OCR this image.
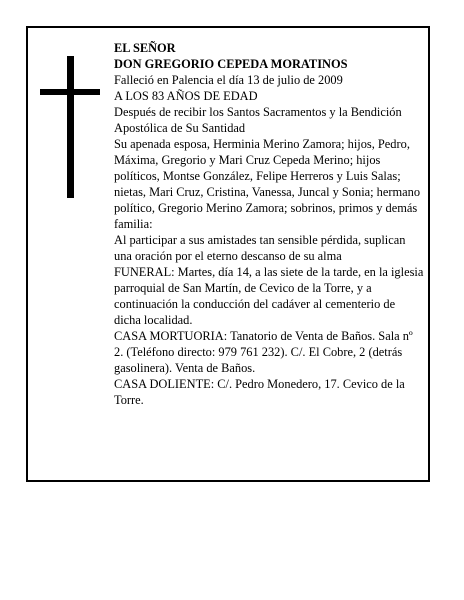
EL SEÑOR

DON GREGORIO CEPEDA MORATINOS

Falleció en Palencia el día 13 de julio de 2009

A LOS 83 AÑOS DE EDAD

Después de recibir los Santos Sacramentos y la Bendición Apostólica de Su Santidad

Su apenada esposa, Herminia Merino Zamora; hijos, Pedro, Máxima, Gregorio y Mari Cruz Cepeda Merino; hijos políticos, Montse González, Felipe Herreros y Luis Salas; nietas, Mari Cruz, Cristina, Vanessa, Juncal y Sonia; hermano político, Gregorio Merino Zamora; sobrinos, primos y demás familia:

Al participar a sus amistades tan sensible pérdida, suplican una oración por el eterno descanso de su alma

FUNERAL: Martes, día 14, a las siete de la tarde, en la iglesia parroquial de San Martín, de Cevico de la Torre, y a continuación la conducción del cadáver al cementerio de dicha localidad.

CASA MORTUORIA: Tanatorio de Venta de Baños. Sala nº 2. (Teléfono directo: 979 761 232). C/. El Cobre, 2 (detrás gasolinera). Venta de Baños.

CASA DOLIENTE: C/. Pedro Monedero, 17. Cevico de la Torre.
